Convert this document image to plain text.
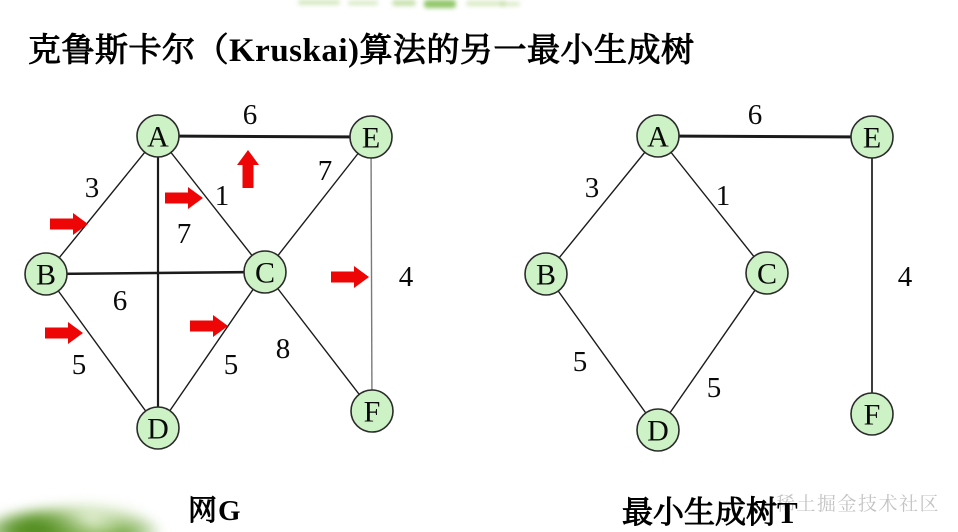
克鲁斯卡尔（Kruskai)算法的另一最小生成树
A
B	C
D
E
F
6
3	1
7
7
6
5	5 8
4
A
B	C
D
E
F
6
3	1
5
5
4
稀土掘金技术社区
网G	最小生成树T
